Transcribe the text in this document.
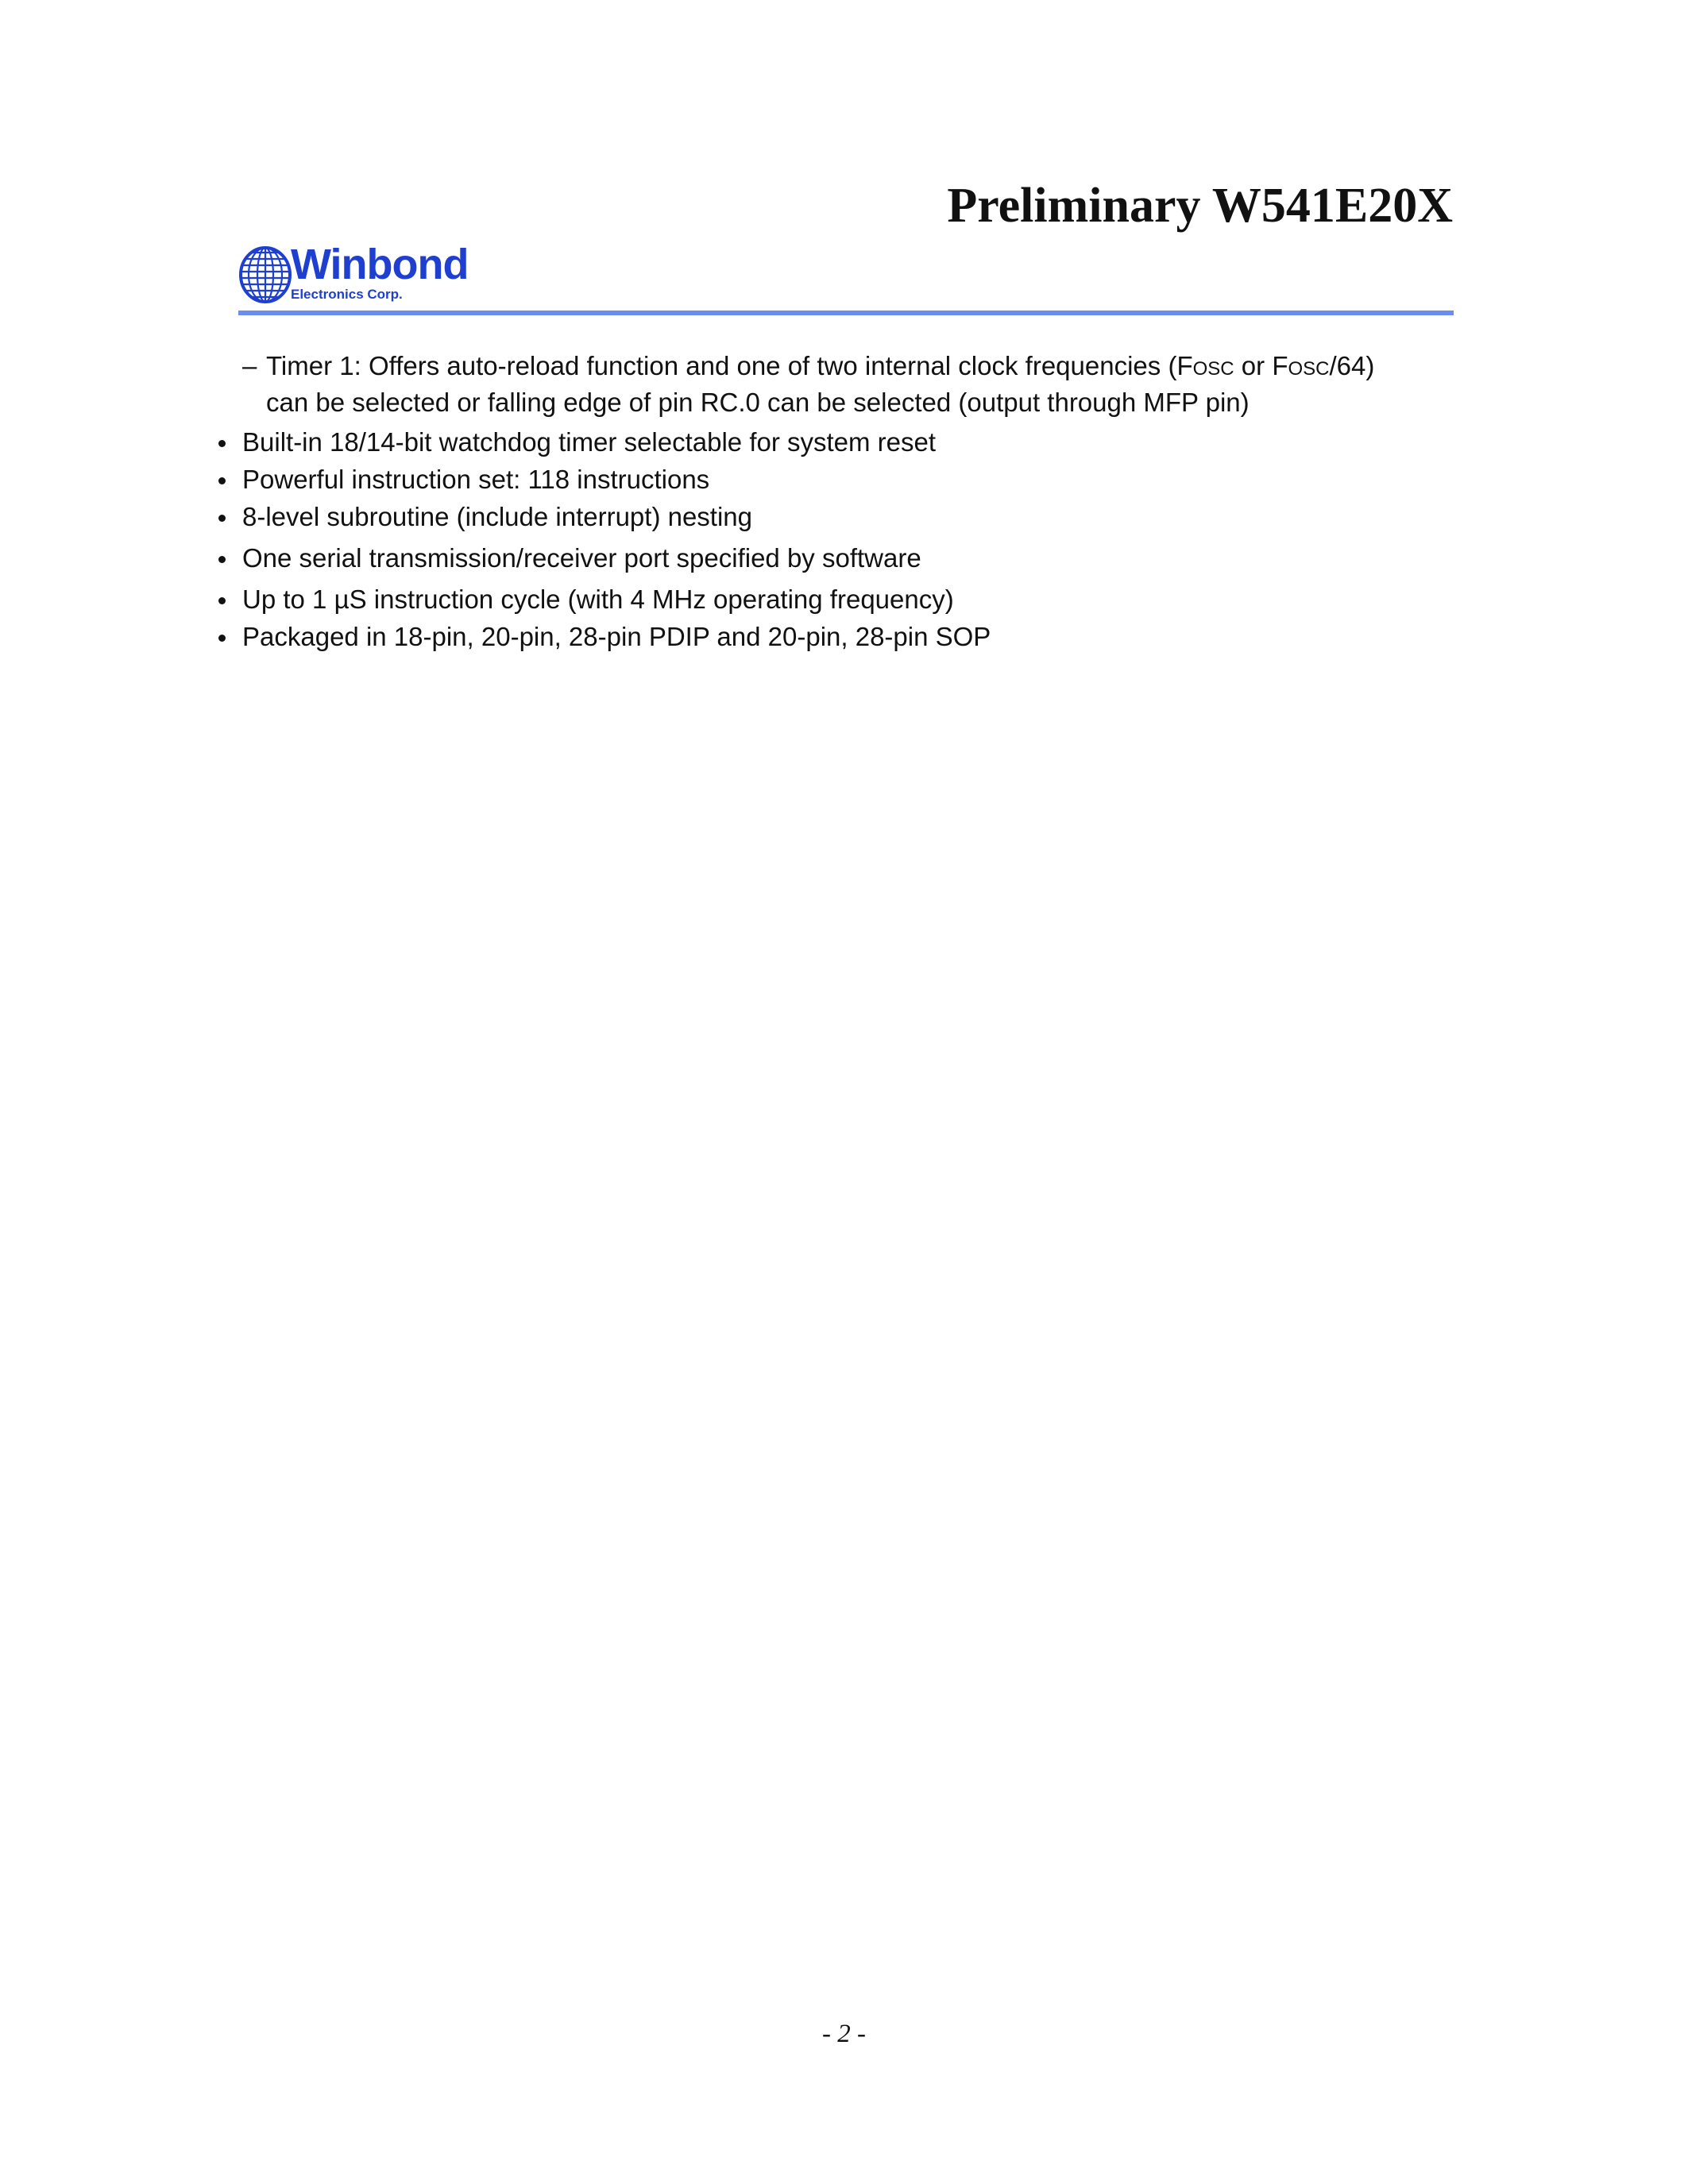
Preliminary W541E20X
Winbond
Electronics Corp.
– Timer 1: Offers auto-reload function and one of two internal clock frequencies (FOSC or FOSC/64)

can be selected or falling edge of pin RC.0 can be selected (output through MFP pin)

Built-in 18/14-bit watchdog timer selectable for system reset
Powerful instruction set: 118 instructions
8-level subroutine (include interrupt) nesting
One serial transmission/receiver port specified by software
Up to 1 µS instruction cycle (with 4 MHz operating frequency)
Packaged in 18-pin, 20-pin, 28-pin PDIP and 20-pin, 28-pin SOP
- 2 -
